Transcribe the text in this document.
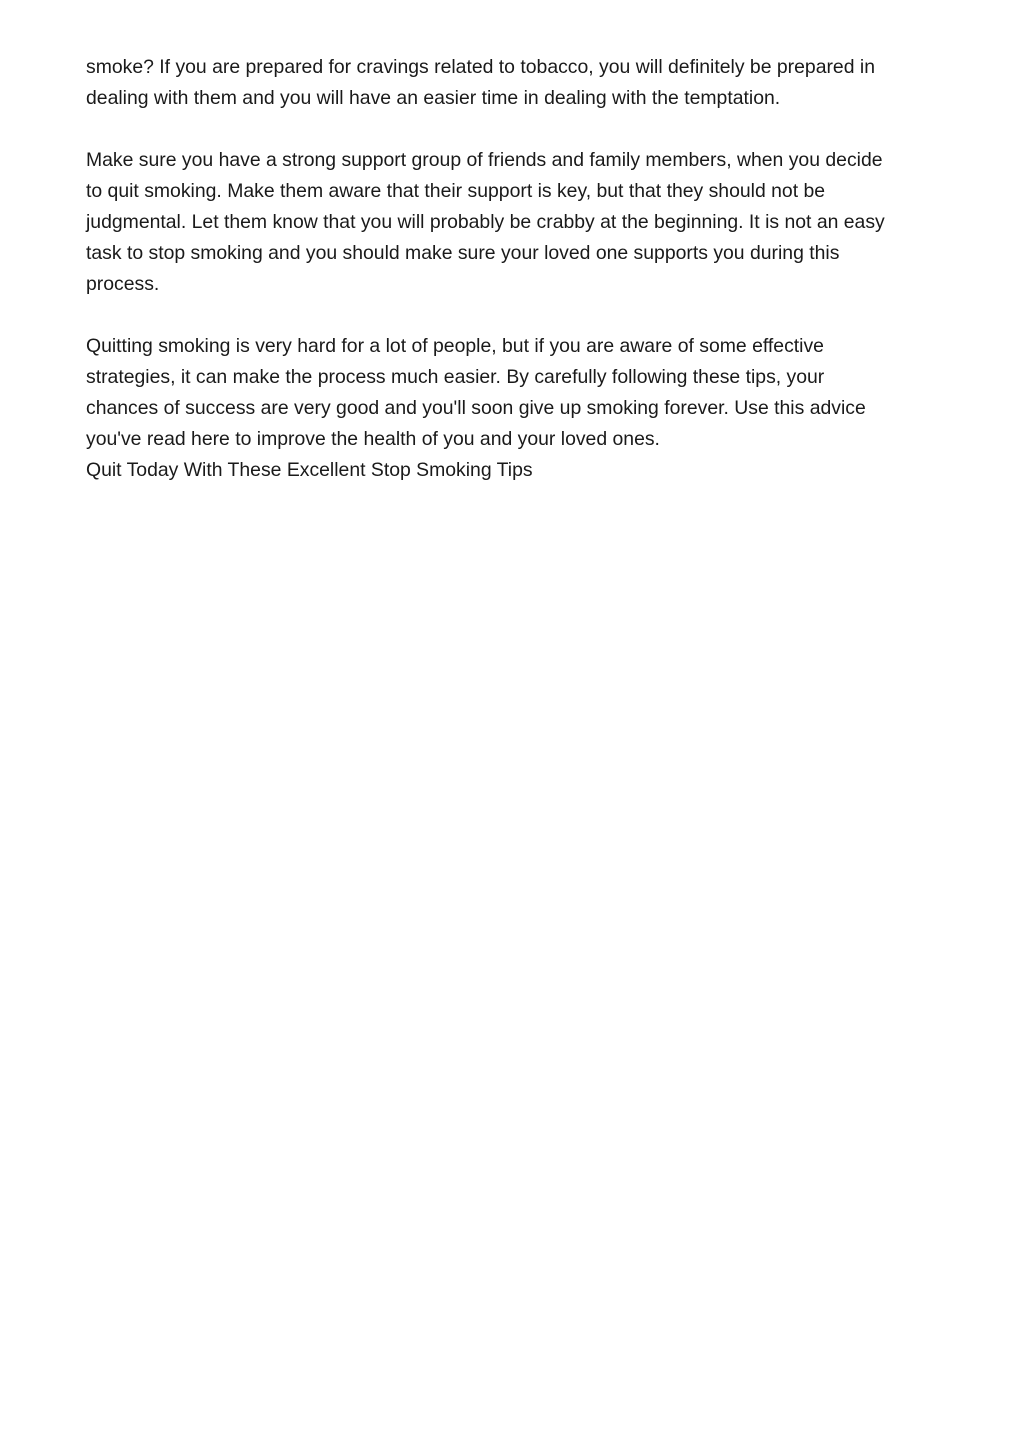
smoke? If you are prepared for cravings related to tobacco, you will definitely be prepared in
dealing with them and you will have an easier time in dealing with the temptation.

Make sure you have a strong support group of friends and family members, when you decide
to quit smoking. Make them aware that their support is key, but that they should not be
judgmental. Let them know that you will probably be crabby at the beginning. It is not an easy
task to stop smoking and you should make sure your loved one supports you during this
process.

Quitting smoking is very hard for a lot of people, but if you are aware of some effective
strategies, it can make the process much easier. By carefully following these tips, your
chances of success are very good and you'll soon give up smoking forever. Use this advice
you've read here to improve the health of you and your loved ones.

Quit Today With These Excellent Stop Smoking Tips
